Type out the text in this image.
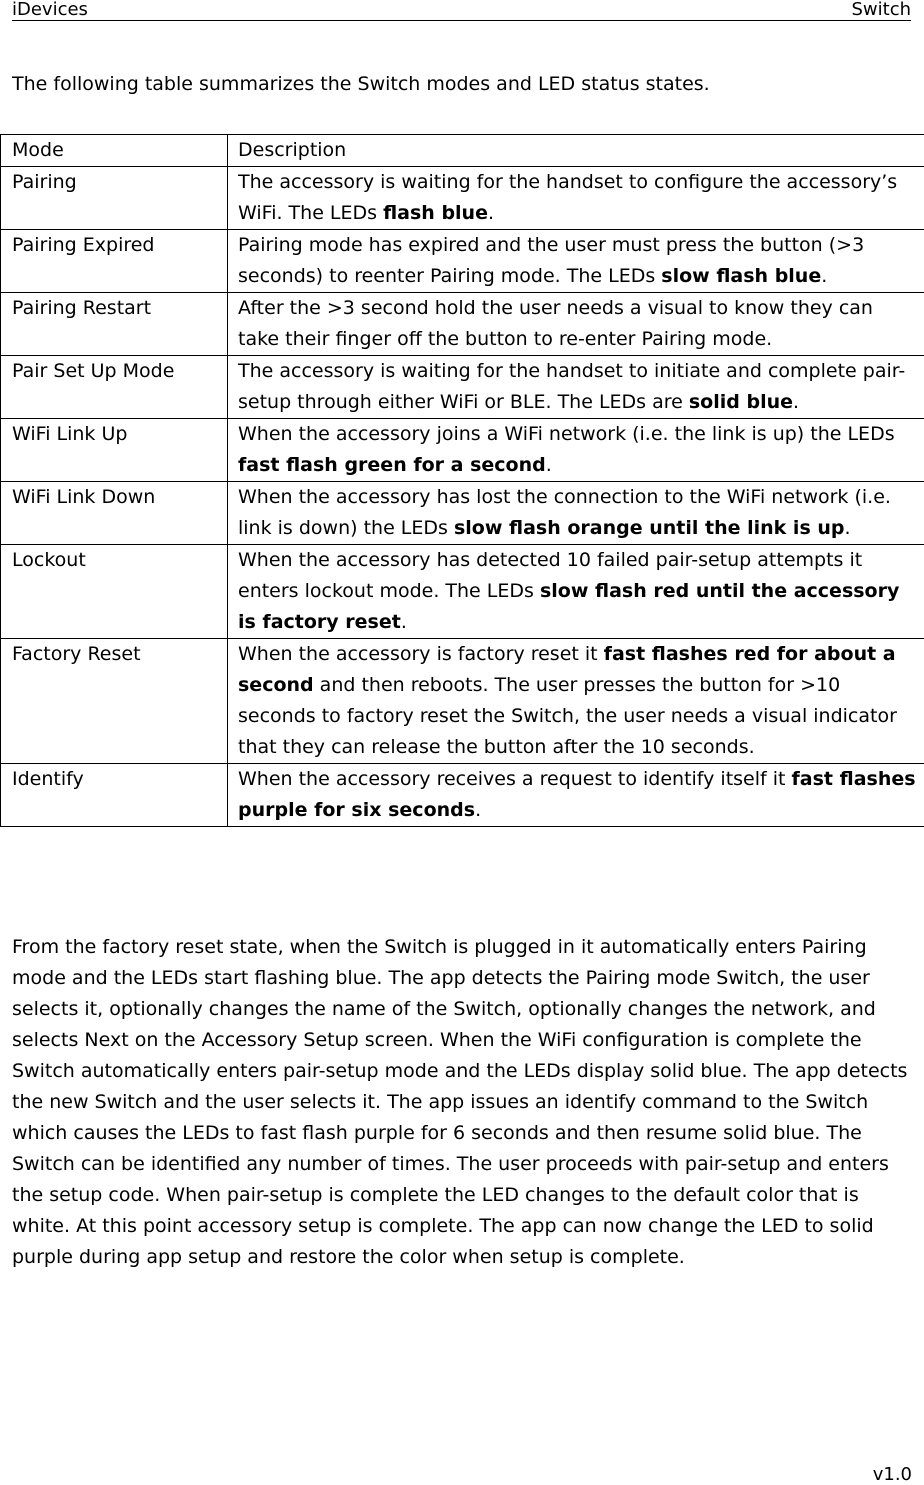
iDevices	Switch

The following table summarizes the Switch modes and LED status states.

Mode	Description
Pairing	The accessory is waiting for the handset to configure the accessory’s WiFi. The LEDs flash blue.
Pairing Expired	Pairing mode has expired and the user must press the button (>3 seconds) to reenter Pairing mode. The LEDs slow flash blue.
Pairing Restart	After the >3 second hold the user needs a visual to know they can take their finger off the button to re-enter Pairing mode.
Pair Set Up Mode	The accessory is waiting for the handset to initiate and complete pair-setup through either WiFi or BLE. The LEDs are solid blue.
WiFi Link Up	When the accessory joins a WiFi network (i.e. the link is up) the LEDs fast flash green for a second.
WiFi Link Down	When the accessory has lost the connection to the WiFi network (i.e. link is down) the LEDs slow flash orange until the link is up.
Lockout	When the accessory has detected 10 failed pair-setup attempts it enters lockout mode. The LEDs slow flash red until the accessory is factory reset.
Factory Reset	When the accessory is factory reset it fast flashes red for about a second and then reboots. The user presses the button for >10 seconds to factory reset the Switch, the user needs a visual indicator that they can release the button after the 10 seconds.
Identify	When the accessory receives a request to identify itself it fast flashes purple for six seconds.

From the factory reset state, when the Switch is plugged in it automatically enters Pairing mode and the LEDs start flashing blue. The app detects the Pairing mode Switch, the user selects it, optionally changes the name of the Switch, optionally changes the network, and selects Next on the Accessory Setup screen. When the WiFi configuration is complete the Switch automatically enters pair-setup mode and the LEDs display solid blue. The app detects the new Switch and the user selects it. The app issues an identify command to the Switch which causes the LEDs to fast flash purple for 6 seconds and then resume solid blue. The Switch can be identified any number of times. The user proceeds with pair-setup and enters the setup code. When pair-setup is complete the LED changes to the default color that is white. At this point accessory setup is complete. The app can now change the LED to solid purple during app setup and restore the color when setup is complete.

v1.0
